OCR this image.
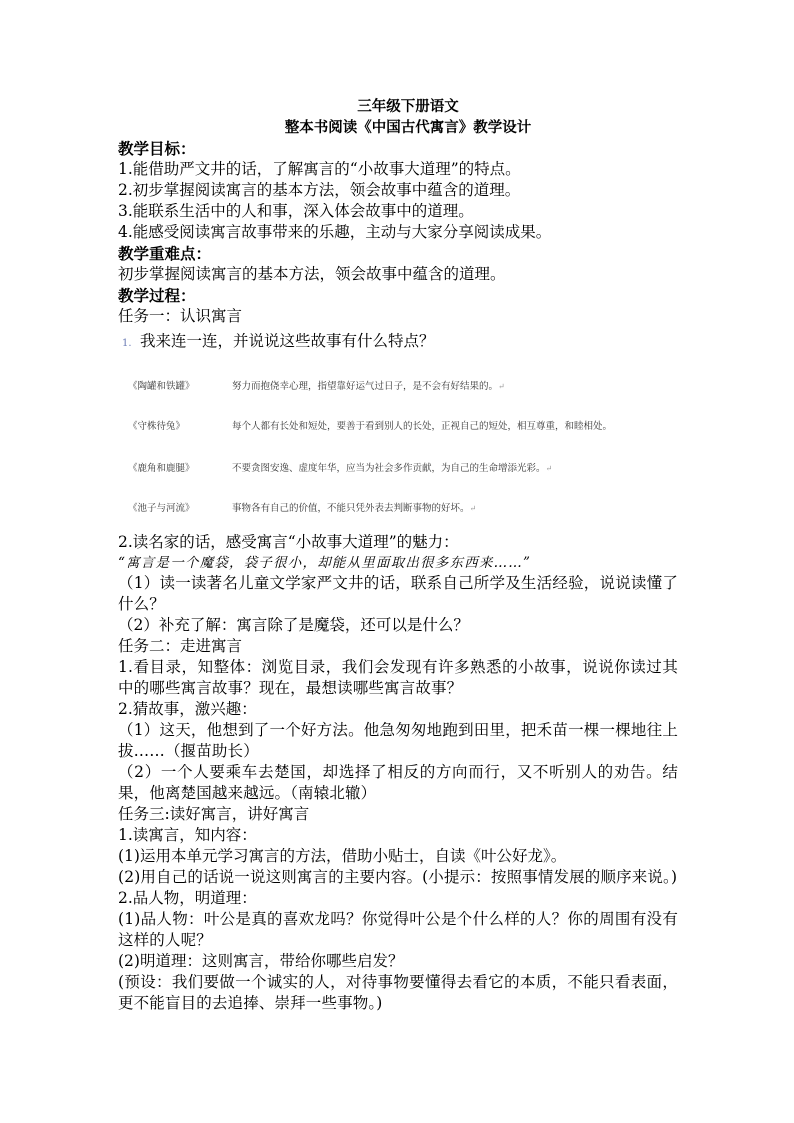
三年级下册语文
整本书阅读《中国古代寓言》教学设计
教学目标：
1.能借助严文井的话，了解寓言的“小故事大道理”的特点。
2.初步掌握阅读寓言的基本方法，领会故事中蕴含的道理。
3.能联系生活中的人和事，深入体会故事中的道理。
4.能感受阅读寓言故事带来的乐趣，主动与大家分享阅读成果。
教学重难点：
初步掌握阅读寓言的基本方法，领会故事中蕴含的道理。
教学过程：
任务一：认识寓言
1. 我来连一连，并说说这些故事有什么特点？
《陶罐和铁罐》	努力而抱侥幸心理，指望靠好运气过日子，是不会有好结果的。↵
《守株待兔》	每个人都有长处和短处，要善于看到别人的长处，正视自己的短处，相互尊重，和睦相处。
《鹿角和鹿腿》	不要贪图安逸、虚度年华，应当为社会多作贡献，为自己的生命增添光彩。↵
《池子与河流》	事物各有自己的价值，不能只凭外表去判断事物的好坏。↵
2.读名家的话，感受寓言“小故事大道理”的魅力：
“寓言是一个魔袋，袋子很小，却能从里面取出很多东西来……”
（1）读一读著名儿童文学家严文井的话，联系自己所学及生活经验，说说读懂了什么？
（2）补充了解：寓言除了是魔袋，还可以是什么？
任务二：走进寓言
1.看目录，知整体：浏览目录，我们会发现有许多熟悉的小故事，说说你读过其中的哪些寓言故事？现在，最想读哪些寓言故事？
2.猜故事，激兴趣：
（1）这天，他想到了一个好方法。他急匆匆地跑到田里，把禾苗一棵一棵地往上拔……（揠苗助长）
（2）一个人要乘车去楚国，却选择了相反的方向而行，又不听别人的劝告。结果，他离楚国越来越远。（南辕北辙）
任务三:读好寓言，讲好寓言
1.读寓言，知内容：
(1)运用本单元学习寓言的方法，借助小贴士，自读《叶公好龙》。
(2)用自己的话说一说这则寓言的主要内容。(小提示：按照事情发展的顺序来说。)
2.品人物，明道理：
(1)品人物：叶公是真的喜欢龙吗？你觉得叶公是个什么样的人？你的周围有没有这样的人呢？
(2)明道理：这则寓言，带给你哪些启发？
(预设：我们要做一个诚实的人，对待事物要懂得去看它的本质，不能只看表面，更不能盲目的去追捧、崇拜一些事物。)
